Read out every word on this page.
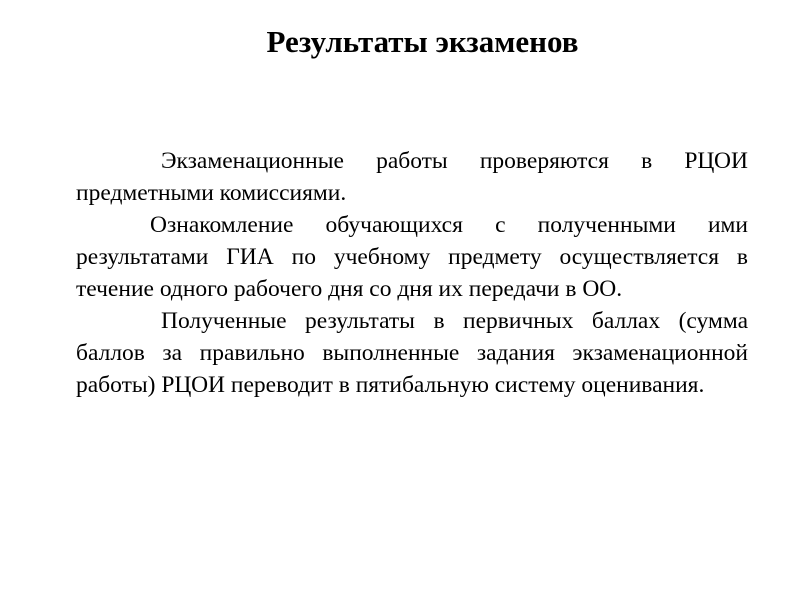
Результаты экзаменов

Экзаменационные работы проверяются в РЦОИ предметными комиссиями.

Ознакомление обучающихся с полученными ими результатами ГИА по учебному предмету осуществляется в течение одного рабочего дня со дня их передачи в ОО.

Полученные результаты в первичных баллах (сумма баллов за правильно выполненные задания экзаменационной работы) РЦОИ переводит в пятибальную систему оценивания.
